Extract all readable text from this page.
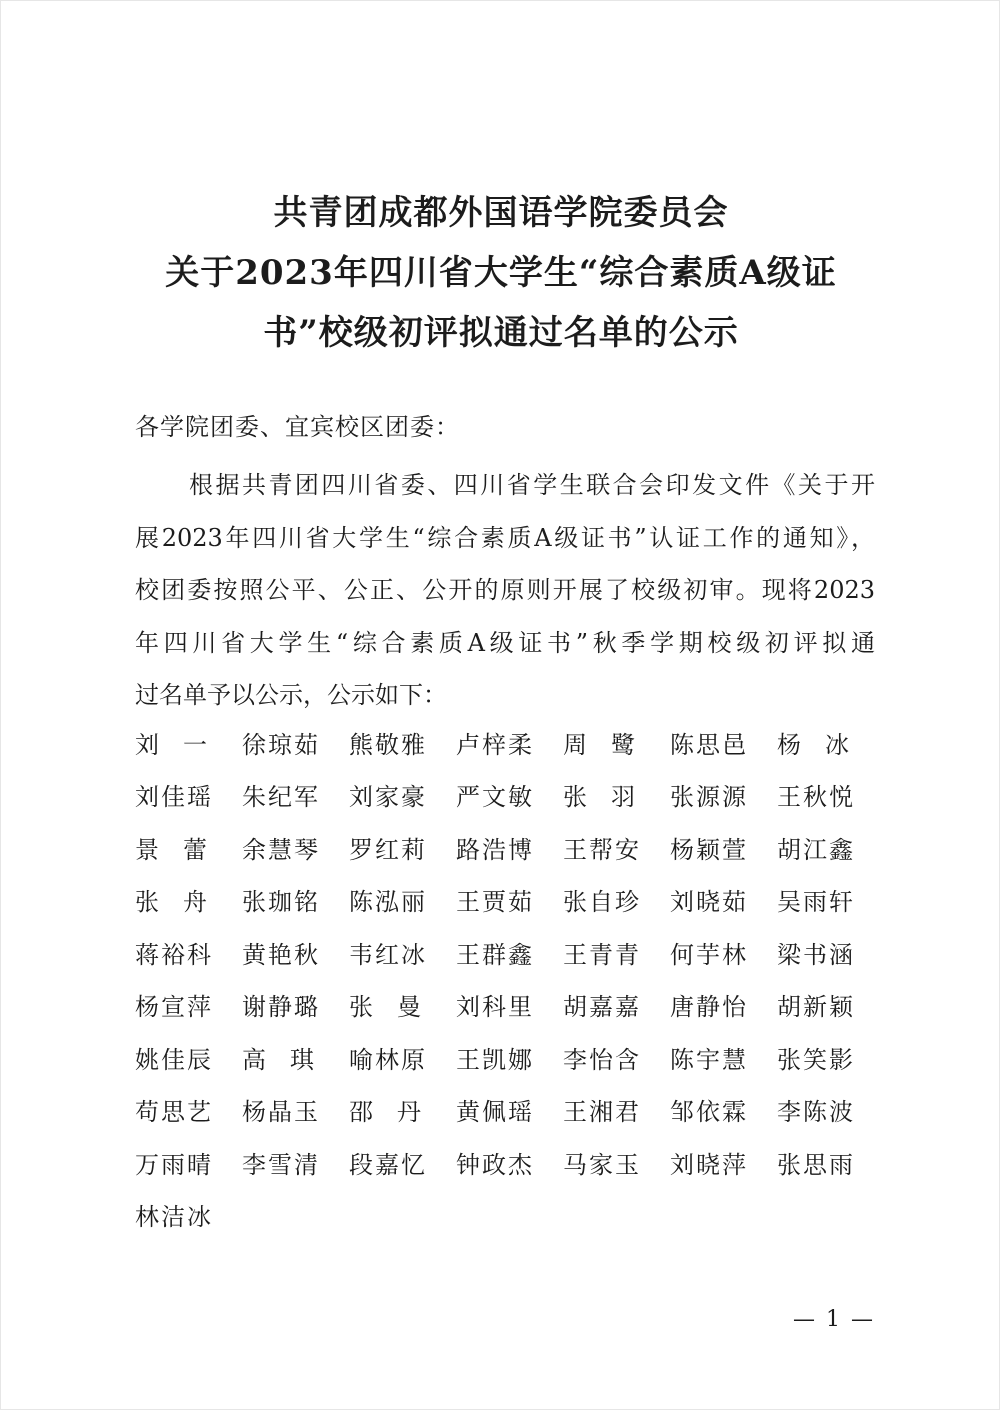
共青团成都外国语学院委员会
关于2023年四川省大学生“综合素质A级证
书”校级初评拟通过名单的公示
各学院团委、宜宾校区团委：
根据共青团四川省委、四川省学生联合会印发文件《关于开
展2023年四川省大学生“综合素质A级证书”认证工作的通知》，
校团委按照公平、公正、公开的原则开展了校级初审。现将2023
年四川省大学生“综合素质A级证书”秋季学期校级初评拟通
过名单予以公示，公示如下：
刘一 徐琼茹	熊敬雅	卢梓柔	周鹭 陈思邑	杨冰
刘佳瑶	朱纪军	刘家豪	严文敏	张羽 张源源	王秋悦
景蕾 余慧琴	罗红莉	路浩博	王帮安	杨颖萱	胡江鑫
张舟 张珈铭	陈泓丽	王贾茹	张自珍	刘晓茹	吴雨轩
蒋裕科	黄艳秋	韦红冰	王群鑫	王青青	何芋林	梁书涵
杨宣萍	谢静璐	张曼 刘科里	胡嘉嘉	唐静怡	胡新颖
姚佳辰	高琪 喻林原	王凯娜	李怡含	陈宇慧	张笑影
苟思艺	杨晶玉	邵丹 黄佩瑶	王湘君	邹依霖	李陈波
万雨晴	李雪清	段嘉忆	钟政杰	马家玉	刘晓萍	张思雨
林洁冰
— 1 —
